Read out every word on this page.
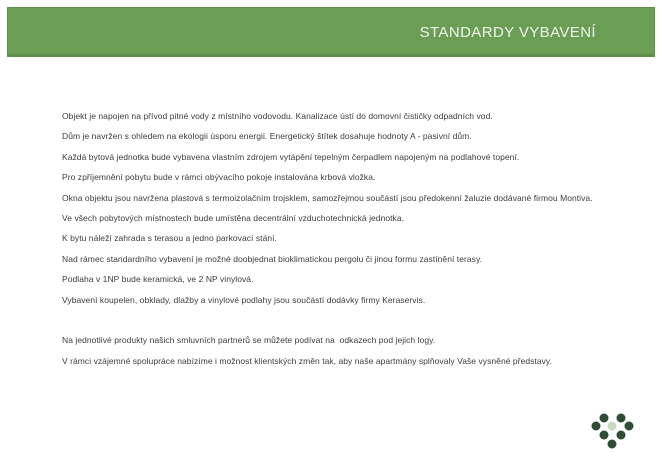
STANDARDY VYBAVENÍ

Objekt je napojen na přívod pitné vody z místního vodovodu. Kanalizace ústí do domovní čističky odpadních vod.

Dům je navržen s ohledem na ekologii úsporu energii. Energetický štítek dosahuje hodnoty A - pasivní dům.

Každá bytová jednotka bude vybavena vlastním zdrojem vytápění tepelným čerpadlem napojeným na podlahové topení.

Pro zpříjemnění pobytu bude v rámci obývacího pokoje instalována krbová vložka.

Okna objektu jsou navržena plastová s termoizolačním trojsklem, samozřejmou součástí jsou předokenní žaluzie dodávané firmou Montiva.

Ve všech pobytových místnostech bude umístěna decentrální vzduchotechnická jednotka.

K bytu náleží zahrada s terasou a jedno parkovací stání.

Nad rámec standardního vybavení je možné doobjednat bioklimatickou pergolu či jinou formu zastínění terasy.

Podlaha v 1NP bude keramická, ve 2 NP vinylová.

Vybavení koupelen, obklady, dlažby a vinylové podlahy jsou součástí dodávky firmy Keraservis.

Na jednotlivé produkty našich smluvních partnerů se můžete podívat na  odkazech pod jejich logy.

V rámci vzájemné spolupráce nabízíme i možnost klientských změn tak, aby naše apartmány splňovaly Vaše vysněné představy.
